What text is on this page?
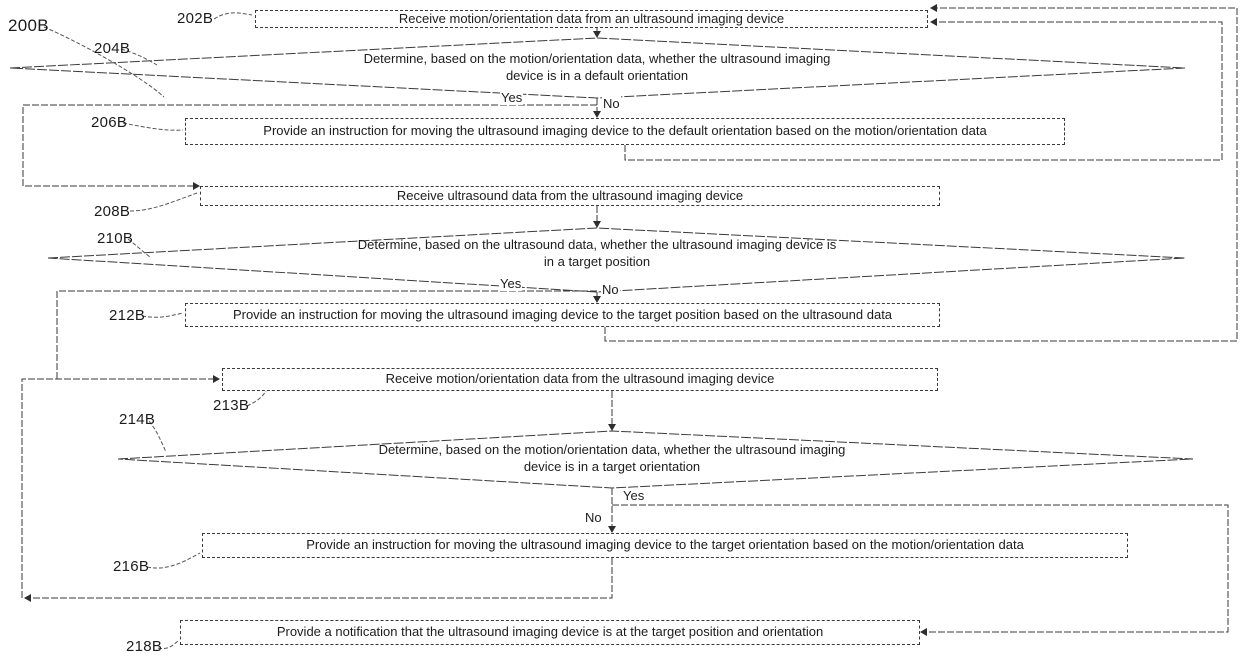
Receive motion/orientation data from an ultrasound imaging device
Provide an instruction for moving the ultrasound imaging device to the default orientation based on the motion/orientation data
Receive ultrasound data from the ultrasound imaging device
Provide an instruction for moving the ultrasound imaging device to the target position based on the ultrasound data
Receive motion/orientation data from the ultrasound imaging device
Provide an instruction for moving the ultrasound imaging device to the target orientation based on the motion/orientation data
Provide a notification that the ultrasound imaging device is at the target position and orientation
Determine, based on the motion/orientation data, whether the ultrasound imaging
device is in a default orientation
Determine, based on the ultrasound data, whether the ultrasound imaging device is
in a target position
Determine, based on the motion/orientation data, whether the ultrasound imaging
device is in a target orientation
200B	202B
204B
206B
208B
210B
212B
213B
214B
216B
218B
Yes	No
Yes	No
Yes
No
